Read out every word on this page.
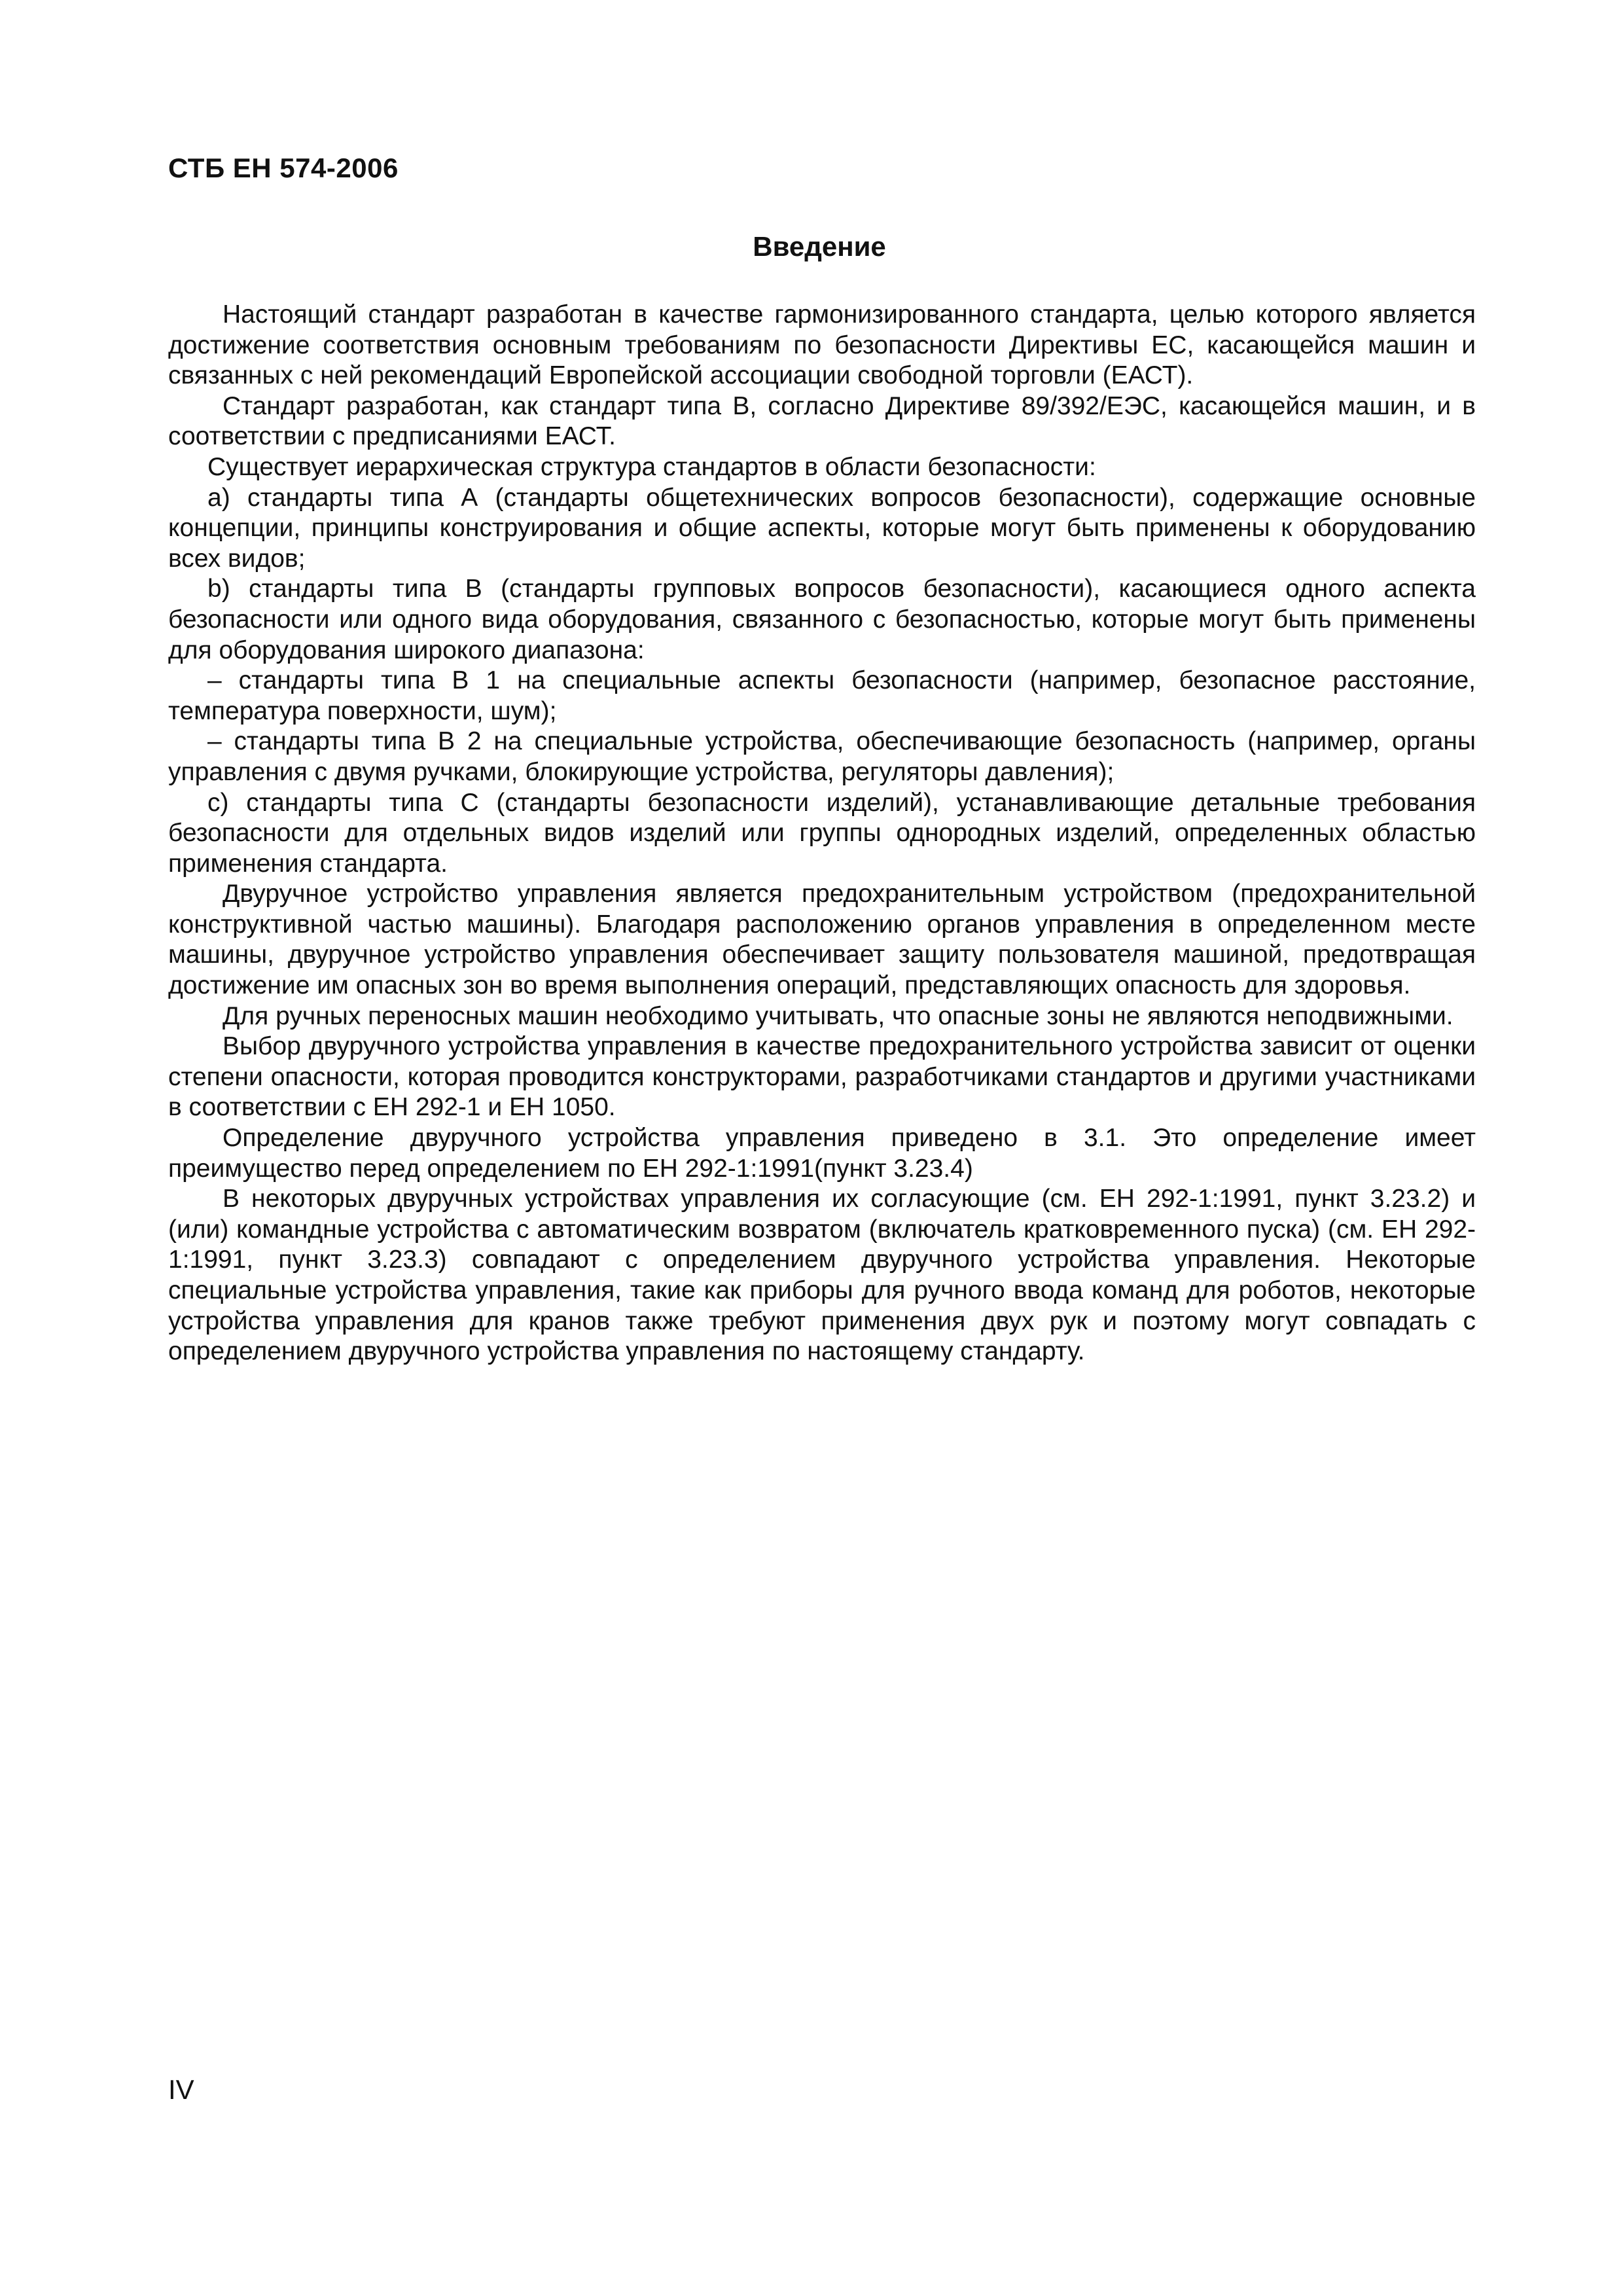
СТБ ЕН 574-2006
Введение

Настоящий стандарт разработан в качестве гармонизированного стандарта, целью которого является достижение соответствия основным требованиям по безопасности Директивы ЕС, касающейся машин и связанных с ней рекомендаций Европейской ассоциации свободной торговли (ЕАСТ).

Стандарт разработан, как стандарт типа В, согласно Директиве 89/392/ЕЭС, касающейся машин, и в соответствии с предписаниями ЕАСТ.

Существует иерархическая структура стандартов в области безопасности:

a) стандарты типа А (стандарты общетехнических вопросов безопасности), содержащие основные концепции, принципы конструирования и общие аспекты, которые могут быть применены к оборудованию всех видов;

b) стандарты типа В (стандарты групповых вопросов безопасности), касающиеся одного аспекта безопасности или одного вида оборудования, связанного с безопасностью, которые могут быть применены для оборудования широкого диапазона:

– стандарты типа В 1 на специальные аспекты безопасности (например, безопасное расстояние, температура поверхности, шум);

– стандарты типа В 2 на специальные устройства, обеспечивающие безопасность (например, органы управления с двумя ручками, блокирующие устройства, регуляторы давления);

c) стандарты типа С (стандарты безопасности изделий), устанавливающие детальные требования безопасности для отдельных видов изделий или группы однородных изделий, определенных областью применения стандарта.

Двуручное устройство управления является предохранительным устройством (предохранительной конструктивной частью машины). Благодаря расположению органов управления в определенном месте машины, двуручное устройство управления обеспечивает защиту пользователя машиной, предотвращая достижение им опасных зон во время выполнения операций, представляющих опасность для здоровья.

Для ручных переносных машин необходимо учитывать, что опасные зоны не являются неподвижными.

Выбор двуручного устройства управления в качестве предохранительного устройства зависит от оценки степени опасности, которая проводится конструкторами, разработчиками стандартов и другими участниками в соответствии с ЕН 292-1 и ЕН 1050.

Определение двуручного устройства управления приведено в 3.1. Это определение имеет преимущество перед определением по ЕН 292-1:1991(пункт 3.23.4)

В некоторых двуручных устройствах управления их согласующие (см. ЕН 292-1:1991, пункт 3.23.2) и (или) командные устройства с автоматическим возвратом (включатель кратковременного пуска) (см. ЕН 292-1:1991, пункт 3.23.3) совпадают с определением двуручного устройства управления. Некоторые специальные устройства управления, такие как приборы для ручного ввода команд для роботов, некоторые устройства управления для кранов также требуют применения двух рук и поэтому могут совпадать с определением двуручного устройства управления по настоящему стандарту.

IV
